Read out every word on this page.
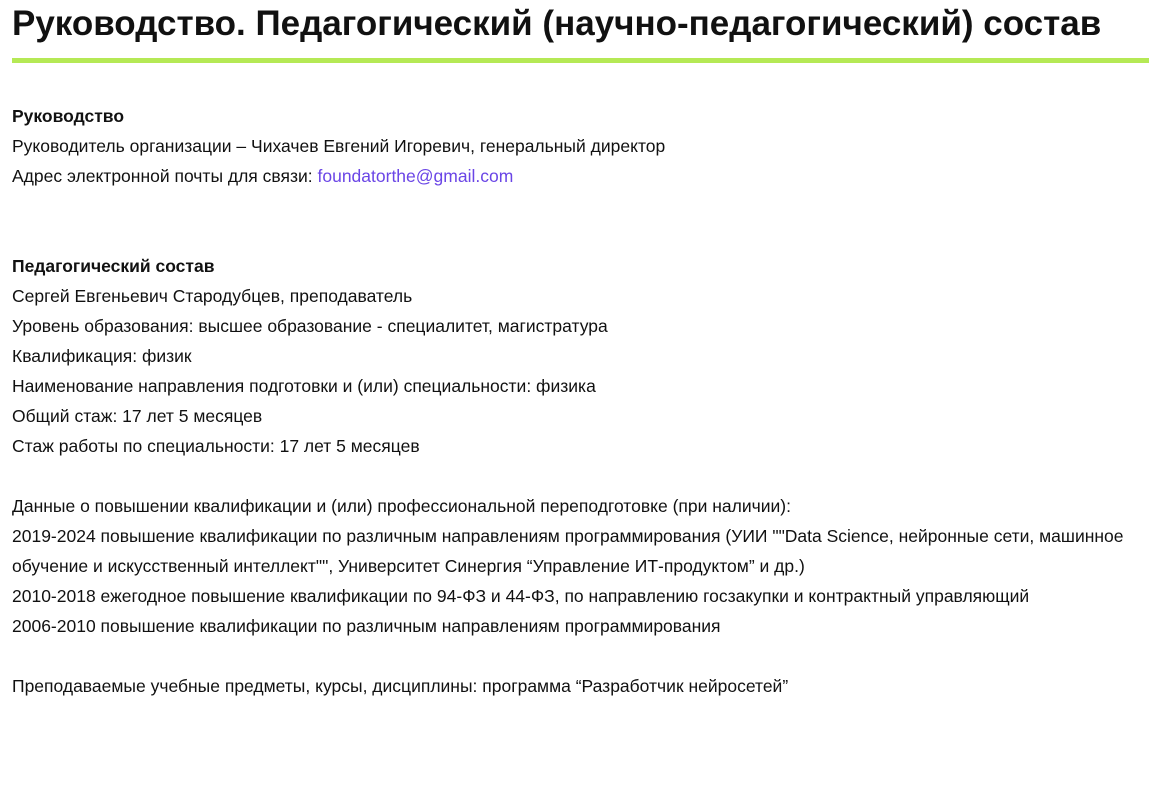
Руководство. Педагогический (научно-педагогический) состав
Руководство
Руководитель организации – Чихачев Евгений Игоревич, генеральный директор
Адрес электронной почты для связи: foundatorthe@gmail.com
Педагогический состав
Сергей Евгеньевич Стародубцев, преподаватель
Уровень образования: высшее образование - специалитет, магистратура
Квалификация: физик
Наименование направления подготовки и (или) специальности: физика
Общий стаж: 17 лет 5 месяцев
Стаж работы по специальности: 17 лет 5 месяцев
Данные о повышении квалификации и (или) профессиональной переподготовке (при наличии):
2019-2024 повышение квалификации по различным направлениям программирования (УИИ ""Data Science, нейронные сети, машинное обучение и искусственный интеллект"", Университет Синергия “Управление ИТ-продуктом” и др.)
2010-2018 ежегодное повышение квалификации по 94-ФЗ и 44-ФЗ, по направлению госзакупки и контрактный управляющий
2006-2010 повышение квалификации по различным направлениям программирования
Преподаваемые учебные предметы, курсы, дисциплины: программа “Разработчик нейросетей”
